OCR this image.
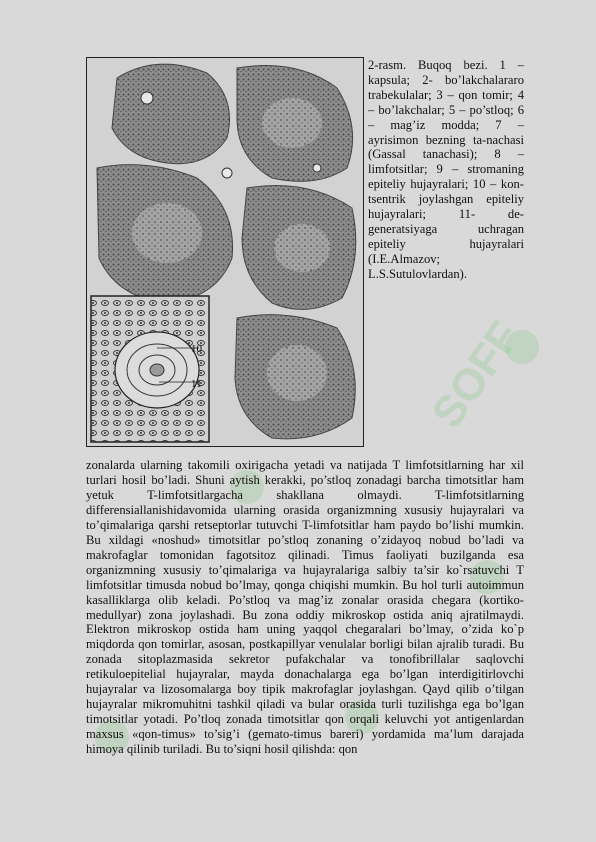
SOFF
10
11
2-rasm. Buqoq bezi. 1 – kapsula; 2- bo’lakchalararo trabekulalar; 3 – qon tomir; 4 – bo’lakchalar; 5 – po’stloq; 6 – mag’iz modda; 7 – ayrisimon bezning ta-nachasi (Gassal tanachasi); 8 – limfotsitlar; 9 – stromaning epiteliy hujayralari; 10 – kon-tsentrik joylashgan epiteliy hujayralari; 11- de-generatsiyaga uchragan epiteliy hujayralari (I.E.Almazov; L.S.Sutulovlardan).
zonalarda ularning takomili oxirigacha yetadi va natijada T limfotsitlarning har xil turlari hosil bo’ladi. Shuni aytish kerakki, po’stloq zonadagi barcha timotsitlar ham yetuk T-limfotsitlargacha shakllana olmaydi. T-limfotsitlarning differensiallanishidavomida ularning orasida organizmning xususiy hujayralari va to’qimalariga qarshi retseptorlar tutuvchi T-limfotsitlar ham paydo bo’lishi mumkin. Bu xildagi «noshud» timotsitlar po’stloq zonaning o’zidayoq nobud bo’ladi va makrofaglar tomonidan fagotsitoz qilinadi. Timus faoliyati buzilganda esa organizmning xususiy to’qimalariga va hujayralariga salbiy ta’sir ko`rsatuvchi T limfotsitlar timusda nobud bo’lmay, qonga chiqishi mumkin. Bu hol turli autoimmun kasalliklarga olib keladi. Po’stloq va mag’iz zonalar orasida chegara (kortiko-medullyar) zona joylashadi. Bu zona oddiy mikroskop ostida aniq ajratilmaydi. Elektron mikroskop ostida ham uning yaqqol chegaralari bo’lmay, o’zida ko`p miqdorda qon tomirlar, asosan, postkapillyar venulalar borligi bilan ajralib turadi. Bu zonada sitoplazmasida sekretor pufakchalar va tonofibrillalar saqlovchi retikuloepitelial hujayralar, mayda donachalarga ega bo’lgan interdigitirlovchi hujayralar va lizosomalarga boy tipik makrofaglar joylashgan. Qayd qilib o’tilgan hujayralar mikromuhitni tashkil qiladi va bular orasida turli tuzilishga ega bo’lgan timotsitlar yotadi. Po’tloq zonada timotsitlar qon orqali keluvchi yot antigenlardan maxsus «qon-timus» to’sig’i (gemato-timus bareri) yordamida ma’lum darajada himoya qilinib turiladi. Bu to’siqni hosil qilishda: qon
